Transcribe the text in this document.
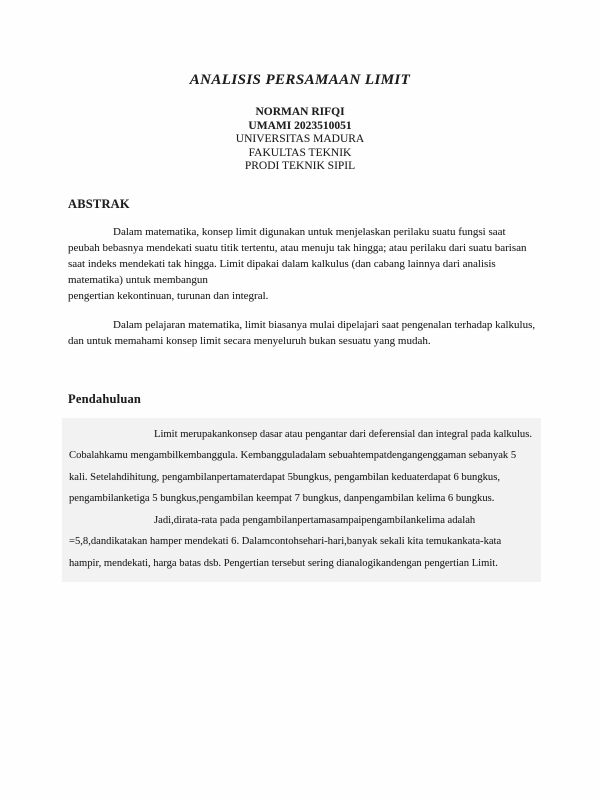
ANALISIS PERSAMAAN LIMIT
NORMAN RIFQI
UMAMI 2023510051
UNIVERSITAS MADURA
FAKULTAS TEKNIK
PRODI TEKNIK SIPIL
ABSTRAK
Dalam matematika, konsep limit digunakan untuk menjelaskan perilaku suatu fungsi saat peubah bebasnya mendekati suatu titik tertentu, atau menuju tak hingga; atau perilaku dari suatu barisan saat indeks mendekati tak hingga. Limit dipakai dalam kalkulus (dan cabang lainnya dari analisis matematika) untuk membangun
pengertian kekontinuan, turunan dan integral.
Dalam pelajaran matematika, limit biasanya mulai dipelajari saat pengenalan terhadap kalkulus, dan untuk memahami konsep limit secara menyeluruh bukan sesuatu yang mudah.
Pendahuluan
Limit merupakankonsep dasar atau pengantar dari deferensial dan integral pada kalkulus. Cobalahkamu mengambilkembanggula. Kembangguladalam sebuahtempatdengangenggaman sebanyak 5 kali. Setelahdihitung, pengambilanpertamaterdapat 5bungkus, pengambilan keduaterdapat 6 bungkus, pengambilanketiga 5 bungkus,pengambilan keempat 7 bungkus, danpengambilan kelima 6 bungkus.
Jadi,dirata-rata pada pengambilanpertamasampaipengambilankelima adalah =5,8,dandikatakan hamper mendekati 6. Dalamcontohsehari-hari,banyak sekali kita temukankata-kata hampir, mendekati, harga batas dsb. Pengertian tersebut sering dianalogikandengan pengertian Limit.
